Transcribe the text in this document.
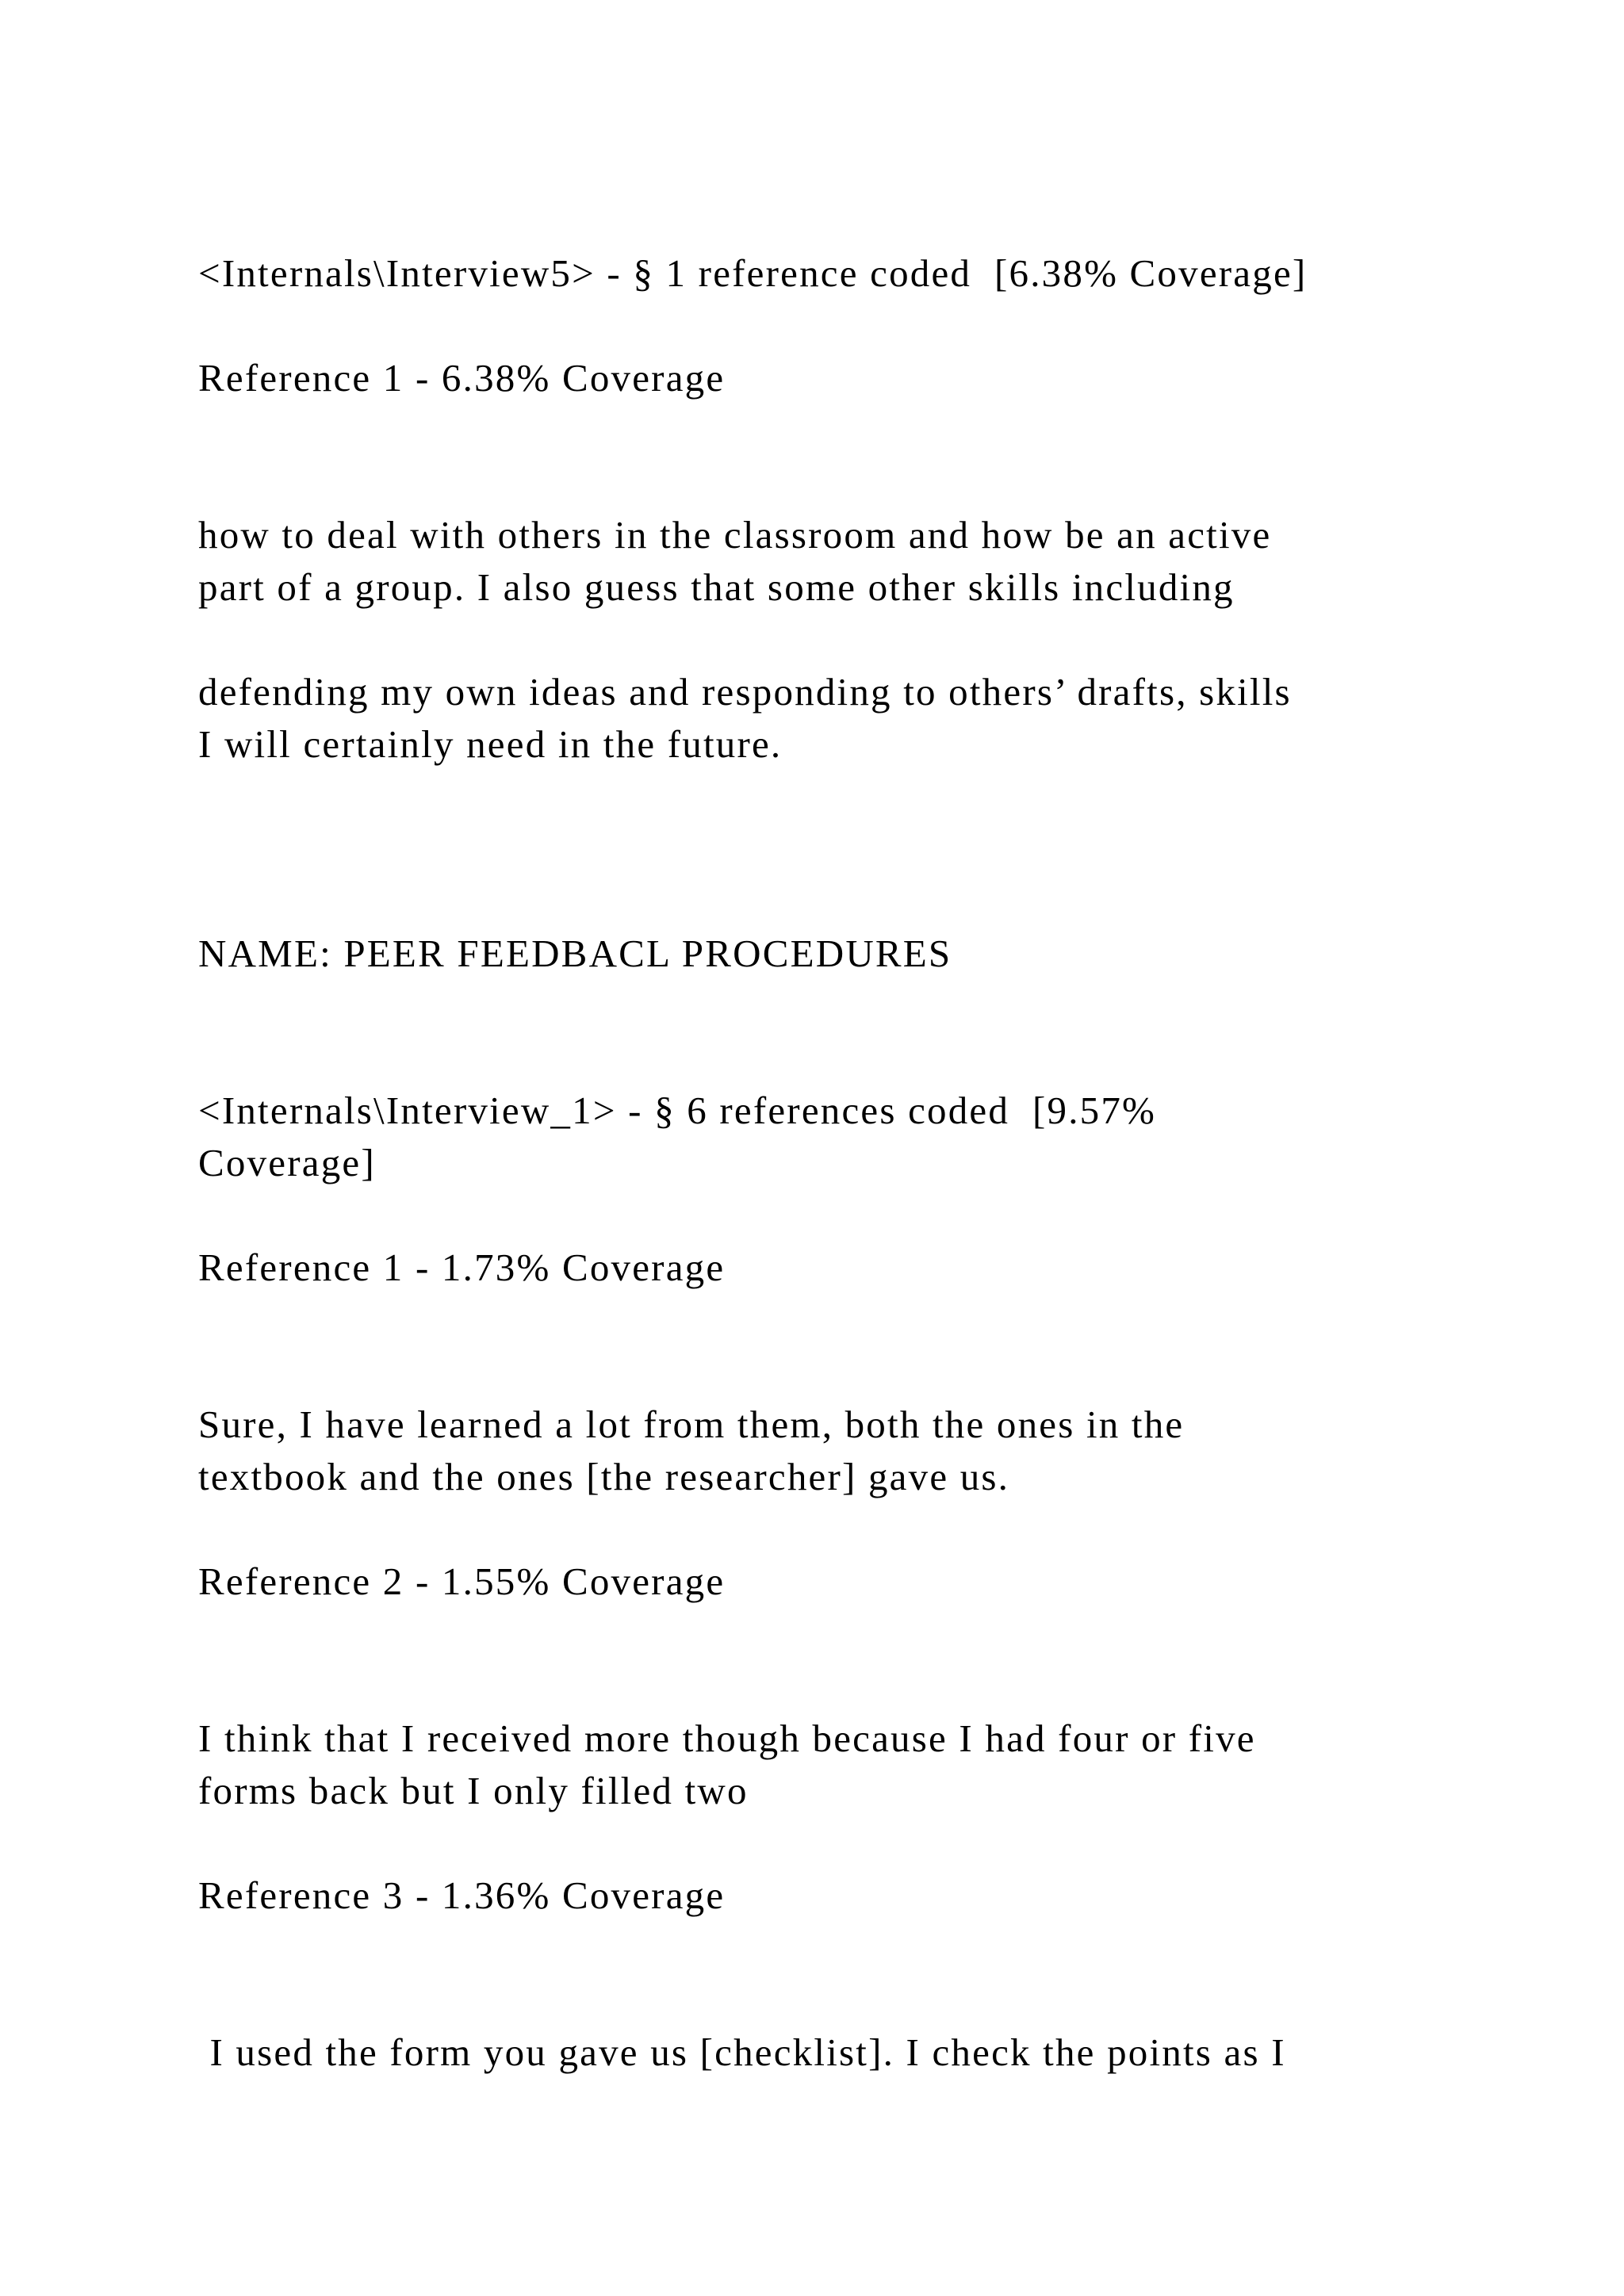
<Internals\Interview5> - § 1 reference coded  [6.38% Coverage]

Reference 1 - 6.38% Coverage

how to deal with others in the classroom and how be an active

part of a group. I also guess that some other skills including

defending my own ideas and responding to others’ drafts, skills

I will certainly need in the future.

NAME: PEER FEEDBACL PROCEDURES

<Internals\Interview_1> - § 6 references coded  [9.57%

Coverage]

Reference 1 - 1.73% Coverage

Sure, I have learned a lot from them, both the ones in the

textbook and the ones [the researcher] gave us.

Reference 2 - 1.55% Coverage

I think that I received more though because I had four or five

forms back but I only filled two

Reference 3 - 1.36% Coverage

I used the form you gave us [checklist]. I check the points as I
